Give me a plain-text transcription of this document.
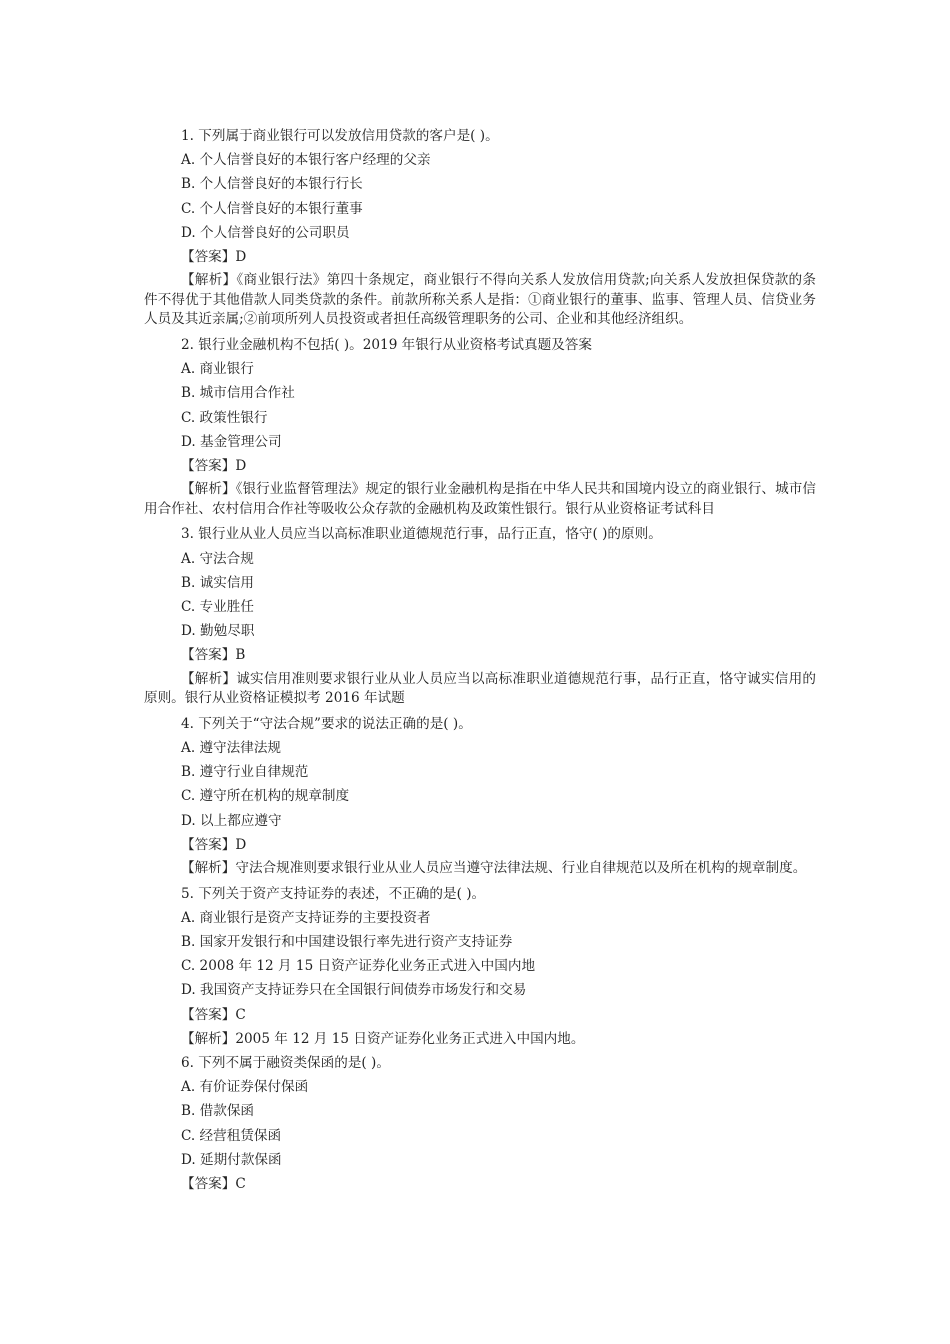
1. 下列属于商业银行可以发放信用贷款的客户是( )。
A. 个人信誉良好的本银行客户经理的父亲
B. 个人信誉良好的本银行行长
C. 个人信誉良好的本银行董事
D. 个人信誉良好的公司职员
【答案】D
【解析】《商业银行法》第四十条规定，商业银行不得向关系人发放信用贷款;向关系人发放担保贷款的条件不得优于其他借款人同类贷款的条件。前款所称关系人是指：①商业银行的董事、监事、管理人员、信贷业务人员及其近亲属;②前项所列人员投资或者担任高级管理职务的公司、企业和其他经济组织。
2. 银行业金融机构不包括( )。2019 年银行从业资格考试真题及答案
A. 商业银行
B. 城市信用合作社
C. 政策性银行
D. 基金管理公司
【答案】D
【解析】《银行业监督管理法》规定的银行业金融机构是指在中华人民共和国境内设立的商业银行、城市信用合作社、农村信用合作社等吸收公众存款的金融机构及政策性银行。银行从业资格证考试科目
3. 银行业从业人员应当以高标准职业道德规范行事，品行正直，恪守( )的原则。
A. 守法合规
B. 诚实信用
C. 专业胜任
D. 勤勉尽职
【答案】B
【解析】诚实信用准则要求银行业从业人员应当以高标准职业道德规范行事，品行正直，恪守诚实信用的原则。银行从业资格证模拟考 2016 年试题
4. 下列关于“守法合规”要求的说法正确的是( )。
A. 遵守法律法规
B. 遵守行业自律规范
C. 遵守所在机构的规章制度
D. 以上都应遵守
【答案】D
【解析】守法合规准则要求银行业从业人员应当遵守法律法规、行业自律规范以及所在机构的规章制度。
5. 下列关于资产支持证券的表述，不正确的是( )。
A. 商业银行是资产支持证券的主要投资者
B. 国家开发银行和中国建设银行率先进行资产支持证券
C. 2008 年 12 月 15 日资产证券化业务正式进入中国内地
D. 我国资产支持证券只在全国银行间债券市场发行和交易
【答案】C
【解析】2005 年 12 月 15 日资产证券化业务正式进入中国内地。
6. 下列不属于融资类保函的是( )。
A. 有价证券保付保函
B. 借款保函
C. 经营租赁保函
D. 延期付款保函
【答案】C
